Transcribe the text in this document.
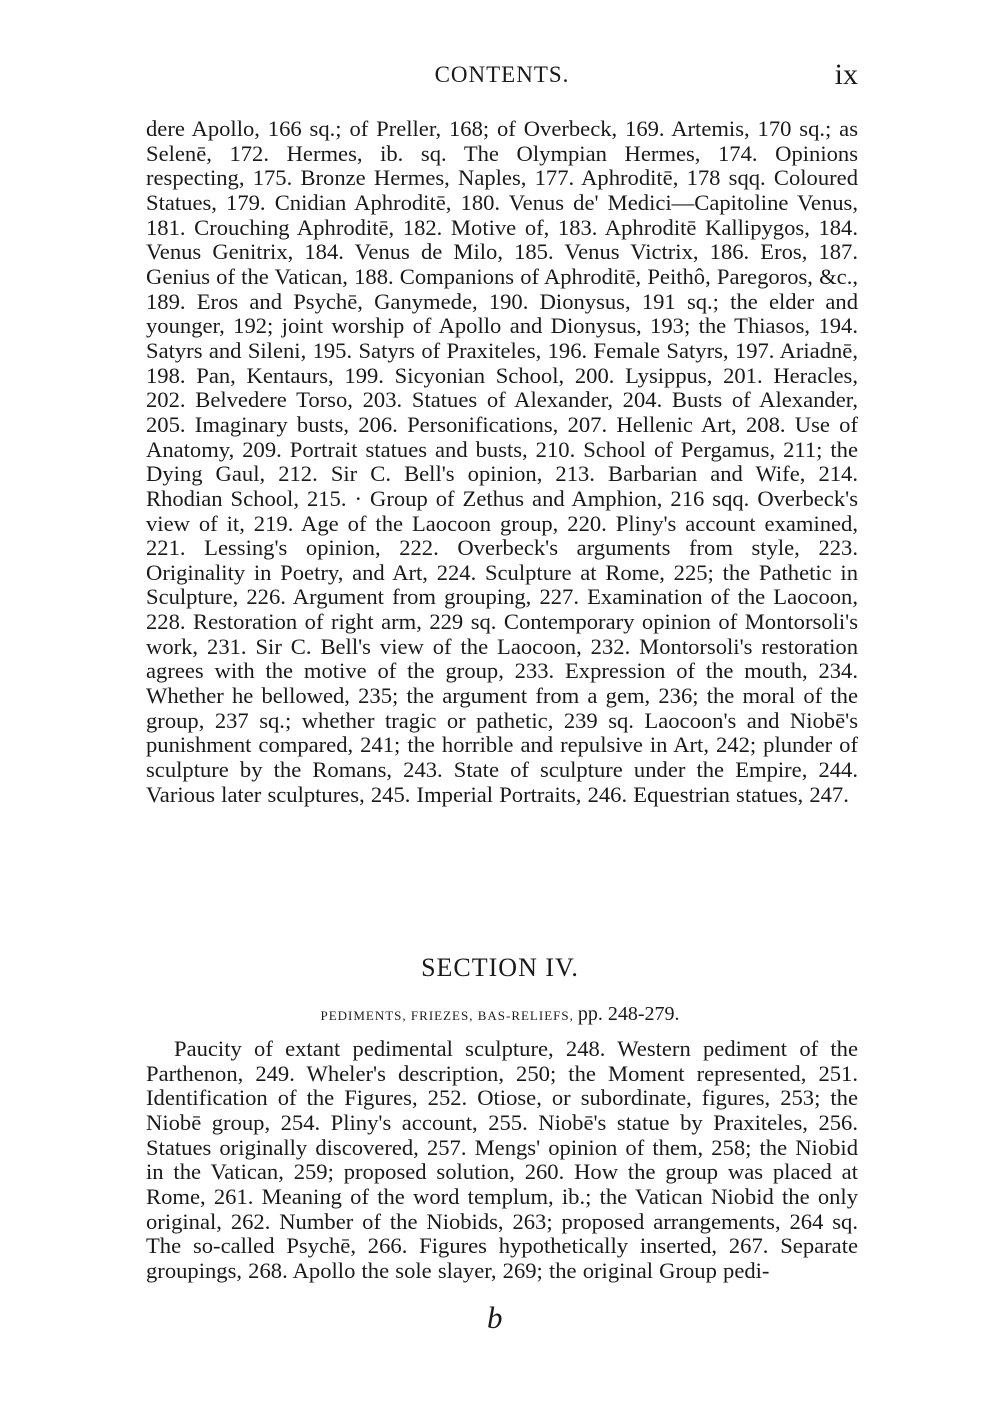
CONTENTS.	ix

dere Apollo, 166 sq.; of Preller, 168; of Overbeck, 169. Artemis, 170 sq.; as Selenē, 172. Hermes, ib. sq. The Olympian Hermes, 174. Opinions respecting, 175. Bronze Hermes, Naples, 177. Aphroditē, 178 sqq. Coloured Statues, 179. Cnidian Aphroditē, 180. Venus de' Medici—Capitoline Venus, 181. Crouching Aphroditē, 182. Motive of, 183. Aphroditē Kallipygos, 184. Venus Genitrix, 184. Venus de Milo, 185. Venus Victrix, 186. Eros, 187. Genius of the Vatican, 188. Companions of Aphroditē, Peithô, Paregoros, &c., 189. Eros and Psychē, Ganymede, 190. Dionysus, 191 sq.; the elder and younger, 192; joint worship of Apollo and Dionysus, 193; the Thiasos, 194. Satyrs and Sileni, 195. Satyrs of Praxiteles, 196. Female Satyrs, 197. Ariadnē, 198. Pan, Kentaurs, 199. Sicyonian School, 200. Lysippus, 201. Heracles, 202. Belvedere Torso, 203. Statues of Alexander, 204. Busts of Alexander, 205. Imaginary busts, 206. Personifications, 207. Hellenic Art, 208. Use of Anatomy, 209. Portrait statues and busts, 210. School of Pergamus, 211; the Dying Gaul, 212. Sir C. Bell's opinion, 213. Barbarian and Wife, 214. Rhodian School, 215. · Group of Zethus and Amphion, 216 sqq. Overbeck's view of it, 219. Age of the Laocoon group, 220. Pliny's account examined, 221. Lessing's opinion, 222. Overbeck's arguments from style, 223. Originality in Poetry, and Art, 224. Sculpture at Rome, 225; the Pathetic in Sculpture, 226. Argument from grouping, 227. Examination of the Laocoon, 228. Restoration of right arm, 229 sq. Contemporary opinion of Montorsoli's work, 231. Sir C. Bell's view of the Laocoon, 232. Montorsoli's restoration agrees with the motive of the group, 233. Expression of the mouth, 234. Whether he bellowed, 235; the argument from a gem, 236; the moral of the group, 237 sq.; whether tragic or pathetic, 239 sq. Laocoon's and Niobē's punishment compared, 241; the horrible and repulsive in Art, 242; plunder of sculpture by the Romans, 243. State of sculpture under the Empire, 244. Various later sculptures, 245. Imperial Portraits, 246. Equestrian statues, 247.

SECTION IV.
PEDIMENTS, FRIEZES, BAS-RELIEFS, pp. 248-279.

Paucity of extant pedimental sculpture, 248. Western pediment of the Parthenon, 249. Wheler's description, 250; the Moment represented, 251. Identification of the Figures, 252. Otiose, or subordinate, figures, 253; the Niobē group, 254. Pliny's account, 255. Niobē's statue by Praxiteles, 256. Statues originally discovered, 257. Mengs' opinion of them, 258; the Niobid in the Vatican, 259; proposed solution, 260. How the group was placed at Rome, 261. Meaning of the word templum, ib.; the Vatican Niobid the only original, 262. Number of the Niobids, 263; proposed arrangements, 264 sq. The so-called Psychē, 266. Figures hypothetically inserted, 267. Separate groupings, 268. Apollo the sole slayer, 269; the original Group pedi-

b
